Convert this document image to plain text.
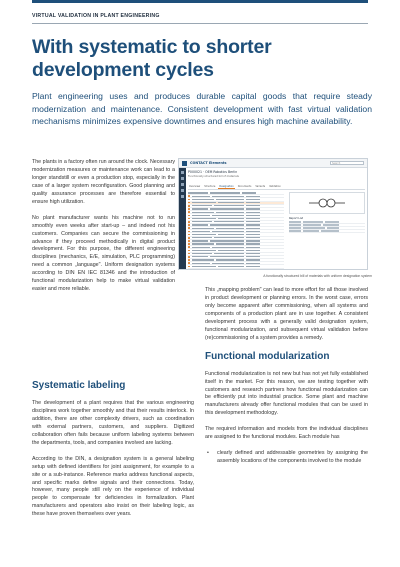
VIRTUAL VALIDATION IN PLANT ENGINEERING
With systematic to shorter development cycles

Plant engineering uses and produces durable capital goods that require steady modernization and maintenance. Consistent development with fast virtual validation mechanisms minimizes expensive downtimes and ensures high machine availability.

The plants in a factory often run around the clock. Necessary modernization measures or maintenance work can lead to a longer standstill or even a production stop, especially in the case of a larger system reconfiguration. Good planning and quality assurance processes are therefore essential to ensure high utilization.

No plant manufacturer wants his machine not to run smoothly even weeks after start-up – and indeed not his customers. Companies can secure the commissioning in advance if they proceed methodically in digital product development. For this purpose, the different engineering disciplines (mechanics, E/E, simulation, PLC programming) need a common „language". Uniform designation systems according to DIN EN IEC 81346 and the introduction of functional modularization help to make virtual validation easier and more reliable.

Systematic labeling

The development of a plant requires that the various engineering disciplines work together smoothly and that their results interlock. In addition, there are other complexity drivers, such as coordination with external partners, customers, and suppliers. Digitized collaboration often fails because uniform labeling systems between the departments, tools, and companies involved are lacking.

According to the DIN, a designation system is a general labeling setup with defined identifiers for joint assignment, for example to a site or a sub-instance. Reference marks address functional aspects, and specific marks define signals and their connections. Today, however, many people still rely on the experience of individual people to compensate for deficiencies in formalization. Plant manufacturers and operators also insist on their labeling logic, as these have proven themselves over years.

CONTACT Elements	Search
P000021 · OEM Robotics Berlin
Functionally structured bill of materials
Overview	Structure	Designation	Documents	Variants	Validation
Report List
A functionally structured bill of materials with uniform designation system

This „mapping problem" can lead to more effort for all those involved in product development or planning errors. In the worst case, errors only become apparent after commissioning, when all systems and components of a production plant are in use together. A consistent development process with a generally valid designation system, functional modularization, and subsequent virtual validation before (re)commissioning of a system provides a remedy.

Functional modularization

Functional modularization is not new but has not yet fully established itself in the market. For this reason, we are testing together with customers and research partners how functional modularization can be efficiently put into industrial practice. Some plant and machine manufacturers already offer functional modules that can be used in this development methodology.

The required information and models from the individual disciplines are assigned to the functional modules. Each module has

• clearly defined and addressable geometries by assigning the assembly locations of the components involved to the module
